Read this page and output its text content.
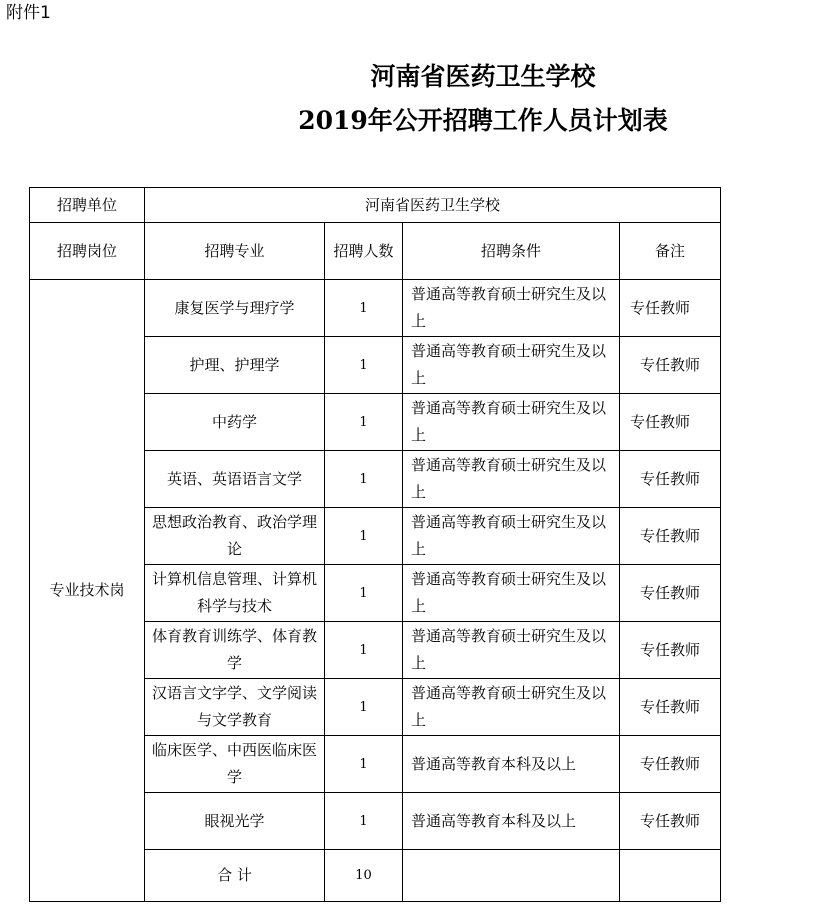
附件1
河南省医药卫生学校
2019年公开招聘工作人员计划表
招聘单位	河南省医药卫生学校			
招聘岗位	招聘专业	招聘人数	招聘条件	备注
专业技术岗	康复医学与理疗学	1	普通高等教育硕士研究生及以上	专任教师
	护理、护理学	1	普通高等教育硕士研究生及以上	专任教师
	中药学	1	普通高等教育硕士研究生及以上	专任教师
	英语、英语语言文学	1	普通高等教育硕士研究生及以上	专任教师
	思想政治教育、政治学理论	1	普通高等教育硕士研究生及以上	专任教师
	计算机信息管理、计算机科学与技术	1	普通高等教育硕士研究生及以上	专任教师
	体育教育训练学、体育教学	1	普通高等教育硕士研究生及以上	专任教师
	汉语言文字学、文学阅读与文学教育	1	普通高等教育硕士研究生及以上	专任教师
	临床医学、中西医临床医学	1	普通高等教育本科及以上	专任教师
	眼视光学	1	普通高等教育本科及以上	专任教师
	合 计	10		
